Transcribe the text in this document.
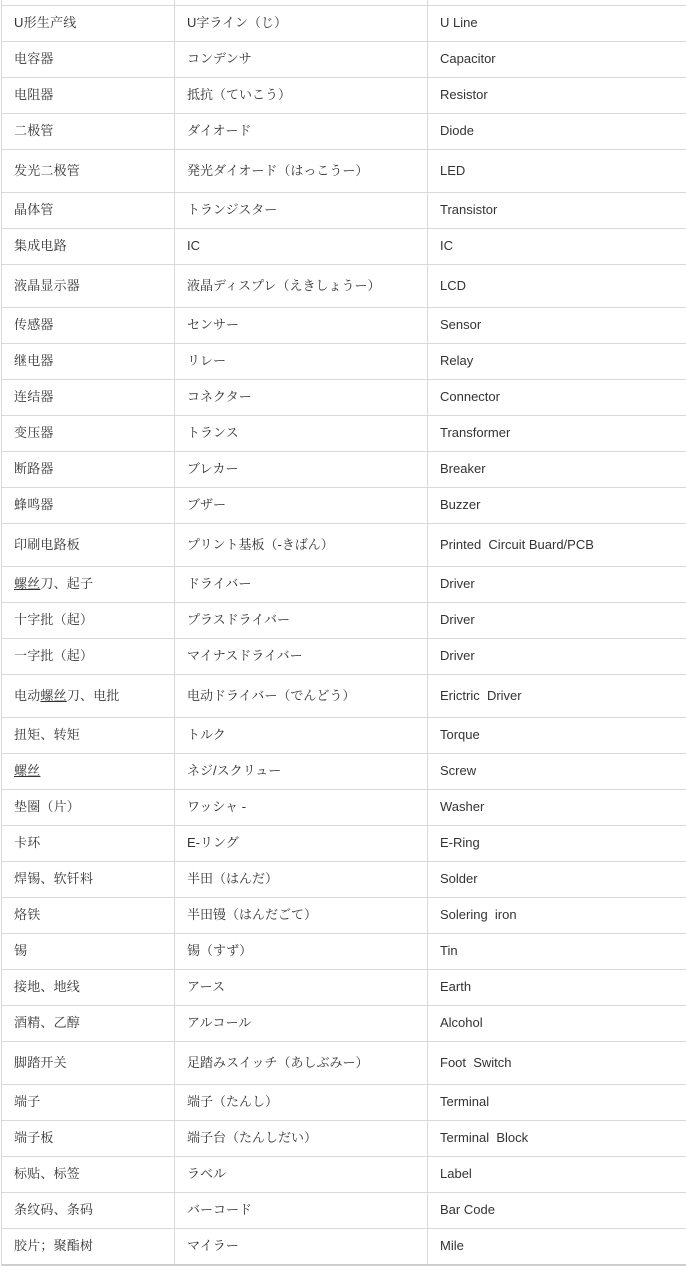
U形生产线	U字ライン（じ）	U Line
电容器	コンデンサ	Capacitor
电阻器	抵抗（ていこう）	Resistor
二极管	ダイオード	Diode
发光二极管	発光ダイオード（はっこうー）	LED
晶体管	トランジスター	Transistor
集成电路	IC	IC
液晶显示器	液晶ディスプレ（えきしょうー）	LCD
传感器	センサー	Sensor
继电器	リレー	Relay
连结器	コネクター	Connector
变压器	トランス	Transformer
断路器	ブレカー	Breaker
蜂鸣器	ブザー	Buzzer
印刷电路板	プリント基板（‐きばん）	Printed  Circuit Buard/PCB
螺丝刀、起子	ドライバー	Driver
十字批（起）	プラスドライバー	Driver
一字批（起）	マイナスドライバー	Driver
电动螺丝刀、电批	电动ドライバー（でんどう）	Erictric  Driver
扭矩、转矩	トルク	Torque
螺丝	ネジ/スクリュー	Screw
垫圈（片）	ワッシャ -	Washer
卡环	E-リング	E-Ring
焊锡、软钎料	半田（はんだ）	Solder
烙铁	半田镘（はんだごて）	Solering  iron
锡	锡（すず）	Tin
接地、地线	アース	Earth
酒精、乙醇	アルコール	Alcohol
脚踏开关	足踏みスイッチ（あしぶみー）	Foot  Switch
端子	端子（たんし）	Terminal
端子板	端子台（たんしだい）	Terminal  Block
标贴、标签	ラベル	Label
条纹码、条码	バーコード	Bar Code
胶片；聚酯树	マイラー	Mile
